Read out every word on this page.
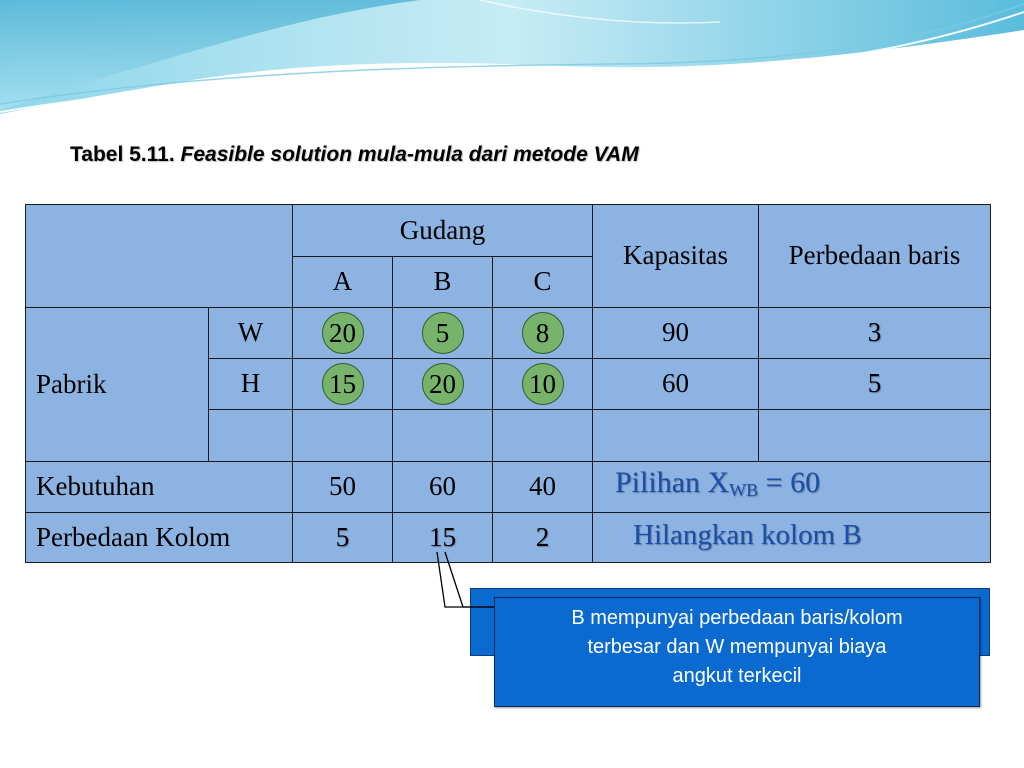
Tabel 5.11. Feasible solution mula-mula dari metode VAM
		Gudang			Kapasitas	Perbedaan baris
		A	B	C		
Pabrik	W	20	5	8	90	3
	H	15	20	10	60	5

Kebutuhan		50	60	40		
Perbedaan Kolom		5	15	2		
Pilihan $X_{WB} = 60$
Hilangkan kolom B
B mempunyai perbedaan baris/kolom
terbesar dan W mempunyai biaya
angkut terkecil
